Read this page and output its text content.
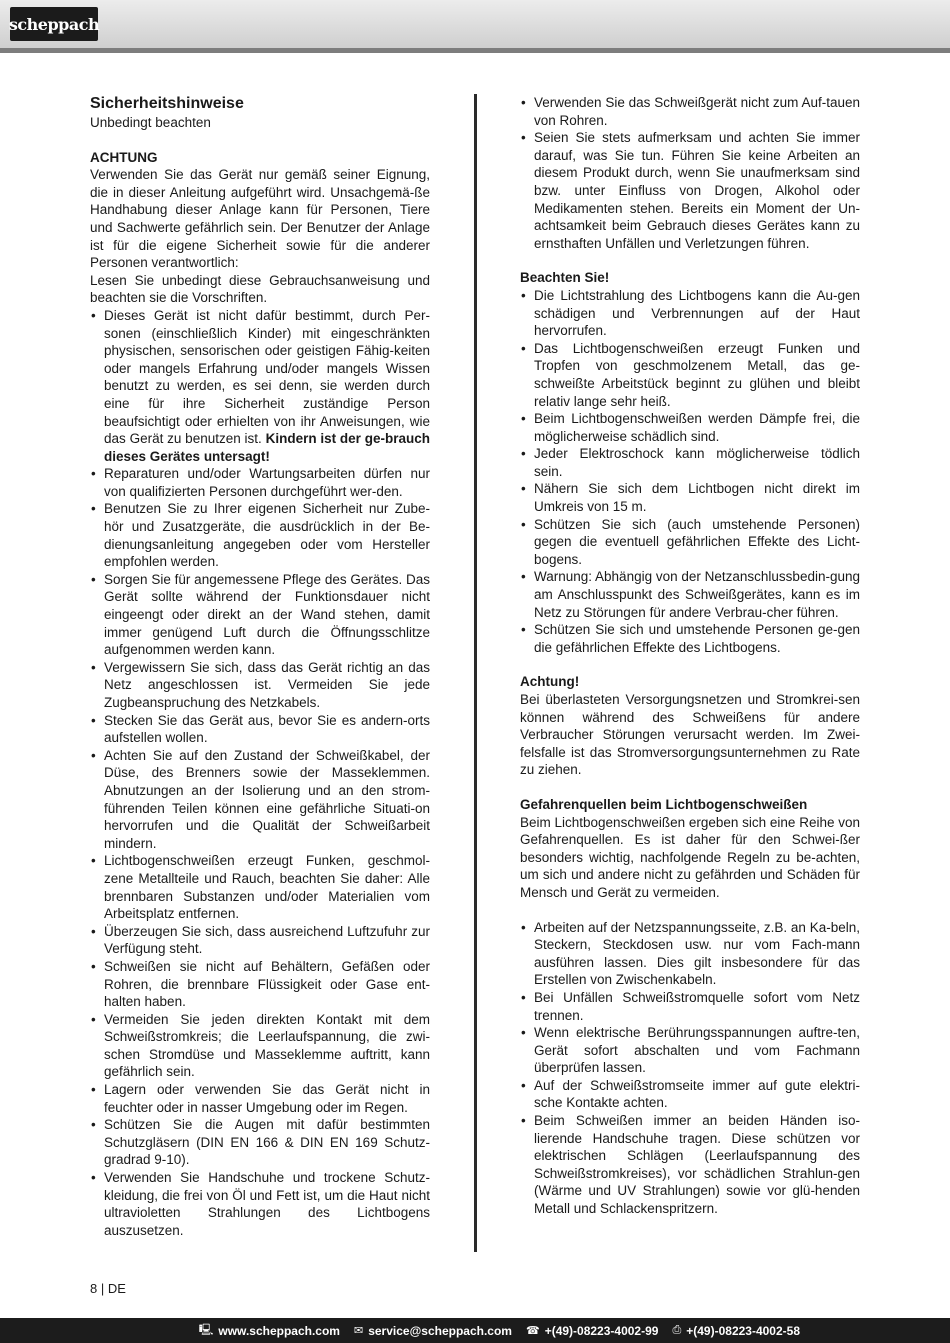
scheppach
Sicherheitshinweise

Unbedingt beachten

ACHTUNG

Verwenden Sie das Gerät nur gemäß seiner Eignung, die in dieser Anleitung aufgeführt wird. Unsachgemä-ße Handhabung dieser Anlage kann für Personen, Tiere und Sachwerte gefährlich sein. Der Benutzer der Anlage ist für die eigene Sicherheit sowie für die anderer Personen verantwortlich:

Lesen Sie unbedingt diese Gebrauchsanweisung und beachten sie die Vorschriften.

• Dieses Gerät ist nicht dafür bestimmt, durch Per-sonen (einschließlich Kinder) mit eingeschränkten physischen, sensorischen oder geistigen Fähig-keiten oder mangels Erfahrung und/oder mangels Wissen benutzt zu werden, es sei denn, sie werden durch eine für ihre Sicherheit zuständige Person beaufsichtigt oder erhielten von ihr Anweisungen, wie das Gerät zu benutzen ist. Kindern ist der ge-brauch dieses Gerätes untersagt!
• Reparaturen und/oder Wartungsarbeiten dürfen nur von qualifizierten Personen durchgeführt wer-den.
• Benutzen Sie zu Ihrer eigenen Sicherheit nur Zube-hör und Zusatzgeräte, die ausdrücklich in der Be-dienungsanleitung angegeben oder vom Hersteller empfohlen werden.
• Sorgen Sie für angemessene Pflege des Gerätes. Das Gerät sollte während der Funktionsdauer nicht eingeengt oder direkt an der Wand stehen, damit immer genügend Luft durch die Öffnungsschlitze aufgenommen werden kann.
• Vergewissern Sie sich, dass das Gerät richtig an das Netz angeschlossen ist. Vermeiden Sie jede Zugbeanspruchung des Netzkabels.
• Stecken Sie das Gerät aus, bevor Sie es andern-orts aufstellen wollen.
• Achten Sie auf den Zustand der Schweißkabel, der Düse, des Brenners sowie der Masseklemmen. Abnutzungen an der Isolierung und an den strom-führenden Teilen können eine gefährliche Situati-on hervorrufen und die Qualität der Schweißarbeit mindern.
• Lichtbogenschweißen erzeugt Funken, geschmol-zene Metallteile und Rauch, beachten Sie daher: Alle brennbaren Substanzen und/oder Materialien vom Arbeitsplatz entfernen.
• Überzeugen Sie sich, dass ausreichend Luftzufuhr zur Verfügung steht.
• Schweißen sie nicht auf Behältern, Gefäßen oder Rohren, die brennbare Flüssigkeit oder Gase ent-halten haben.
• Vermeiden Sie jeden direkten Kontakt mit dem Schweißstromkreis; die Leerlaufspannung, die zwi-schen Stromdüse und Masseklemme auftritt, kann gefährlich sein.
• Lagern oder verwenden Sie das Gerät nicht in feuchter oder in nasser Umgebung oder im Regen.
• Schützen Sie die Augen mit dafür bestimmten Schutzgläsern (DIN EN 166 & DIN EN 169 Schutz-gradrad 9-10).
• Verwenden Sie Handschuhe und trockene Schutz-kleidung, die frei von Öl und Fett ist, um die Haut nicht ultravioletten Strahlungen des Lichtbogens auszusetzen.
• Verwenden Sie das Schweißgerät nicht zum Auf-tauen von Rohren.
• Seien Sie stets aufmerksam und achten Sie immer darauf, was Sie tun. Führen Sie keine Arbeiten an diesem Produkt durch, wenn Sie unaufmerksam sind bzw. unter Einfluss von Drogen, Alkohol oder Medikamenten stehen. Bereits ein Moment der Un-achtsamkeit beim Gebrauch dieses Gerätes kann zu ernsthaften Unfällen und Verletzungen führen.

Beachten Sie!

• Die Lichtstrahlung des Lichtbogens kann die Au-gen schädigen und Verbrennungen auf der Haut hervorrufen.
• Das Lichtbogenschweißen erzeugt Funken und Tropfen von geschmolzenem Metall, das ge-schweißte Arbeitstück beginnt zu glühen und bleibt relativ lange sehr heiß.
• Beim Lichtbogenschweißen werden Dämpfe frei, die möglicherweise schädlich sind.
• Jeder Elektroschock kann möglicherweise tödlich sein.
• Nähern Sie sich dem Lichtbogen nicht direkt im Umkreis von 15 m.
• Schützen Sie sich (auch umstehende Personen) gegen die eventuell gefährlichen Effekte des Licht-bogens.
• Warnung: Abhängig von der Netzanschlussbedin-gung am Anschlusspunkt des Schweißgerätes, kann es im Netz zu Störungen für andere Verbrau-cher führen.
• Schützen Sie sich und umstehende Personen ge-gen die gefährlichen Effekte des Lichtbogens.

Achtung!

Bei überlasteten Versorgungsnetzen und Stromkrei-sen können während des Schweißens für andere Verbraucher Störungen verursacht werden. Im Zwei-felsfalle ist das Stromversorgungsunternehmen zu Rate zu ziehen.

Gefahrenquellen beim Lichtbogenschweißen

Beim Lichtbogenschweißen ergeben sich eine Reihe von Gefahrenquellen. Es ist daher für den Schwei-ßer besonders wichtig, nachfolgende Regeln zu be-achten, um sich und andere nicht zu gefährden und Schäden für Mensch und Gerät zu vermeiden.

• Arbeiten auf der Netzspannungsseite, z.B. an Ka-beln, Steckern, Steckdosen usw. nur vom Fach-mann ausführen lassen. Dies gilt insbesondere für das Erstellen von Zwischenkabeln.
• Bei Unfällen Schweißstromquelle sofort vom Netz trennen.
• Wenn elektrische Berührungsspannungen auftre-ten, Gerät sofort abschalten und vom Fachmann überprüfen lassen.
• Auf der Schweißstromseite immer auf gute elektri-sche Kontakte achten.
• Beim Schweißen immer an beiden Händen iso-lierende Handschuhe tragen. Diese schützen vor elektrischen Schlägen (Leerlaufspannung des Schweißstromkreises), vor schädlichen Strahlun-gen (Wärme und UV Strahlungen) sowie vor glü-henden Metall und Schlackenspritzern.
8 | DE
🖳 www.scheppach.com ✉ service@scheppach.com ☎ +(49)-08223-4002-99 ⎙ +(49)-08223-4002-58
